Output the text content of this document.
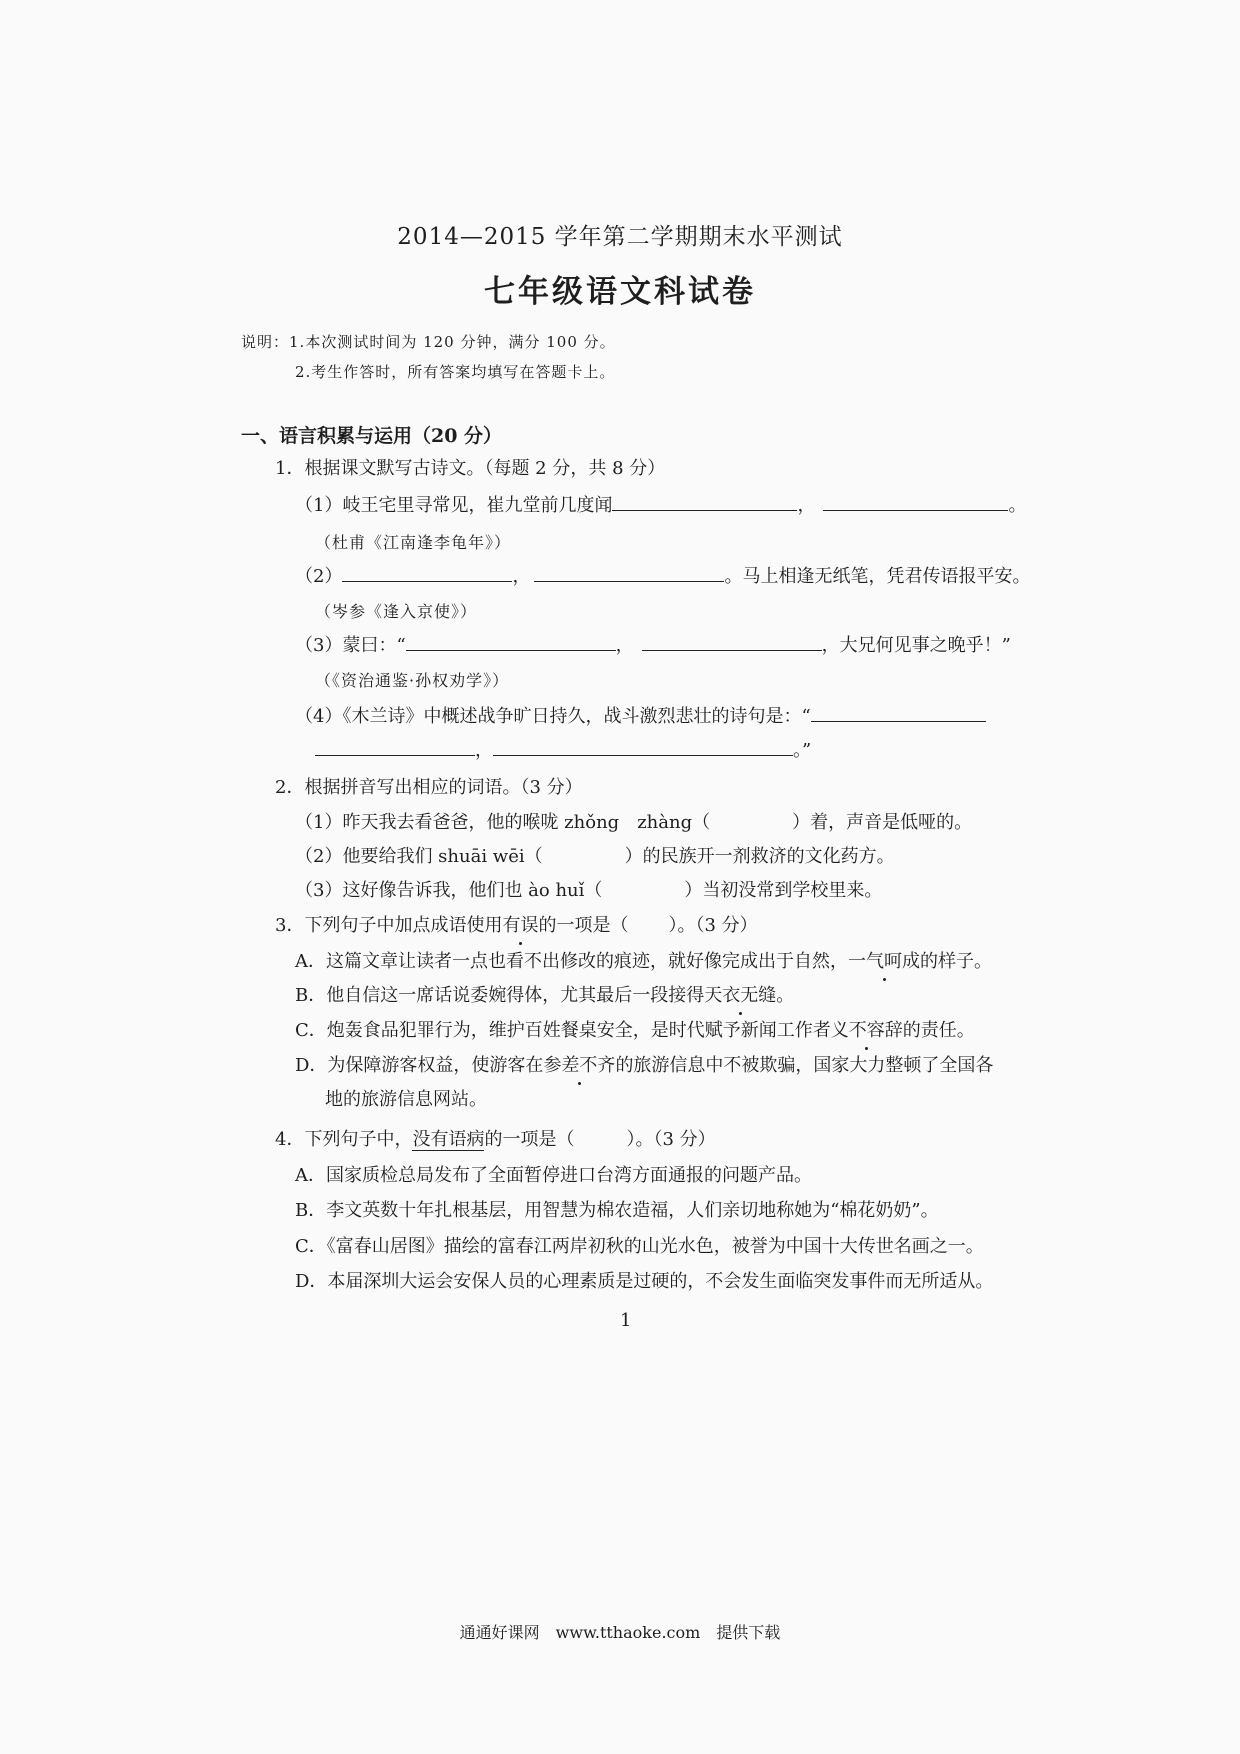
2014—2015 学年第二学期期末水平测试
七年级语文科试卷
说明：1.本次测试时间为 120 分钟，满分 100 分。
2.考生作答时，所有答案均填写在答题卡上。
一、语言积累与运用（20 分）
1．根据课文默写古诗文。（每题 2 分，共 8 分）
（1）岐王宅里寻常见，崔九堂前几度闻	，	。
（杜甫《江南逢李龟年》）
（2）	，	。马上相逢无纸笔，凭君传语报平安。
（岑参《逢入京使》）
（3）蒙曰：“	，	，大兄何见事之晚乎！”
（《资治通鉴·孙权劝学》）
（4）《木兰诗》中概述战争旷日持久，战斗激烈悲壮的诗句是：“
，	。”
2．根据拼音写出相应的词语。（3 分）
（1）昨天我去看爸爸，他的喉咙 zhǒng　zhàng（	）着，声音是低哑的。
（2）他要给我们 shuāi wēi（	）的民族开一剂救济的文化药方。
（3）这好像告诉我，他们也 ào huǐ（	）当初没常到学校里来。
3．下列句子中加点成语使用有误的一项是（ ）。（3 分）
A．这篇文章让读者一点也看不出修改的痕迹，就好像完成出于自然，一气呵成的样子。
B．他自信这一席话说委婉得体，尤其最后一段接得天衣无缝。
C．炮轰食品犯罪行为，维护百姓餐桌安全，是时代赋予新闻工作者义不容辞的责任。
D．为保障游客权益，使游客在参差不齐的旅游信息中不被欺骗，国家大力整顿了全国各
地的旅游信息网站。
4．下列句子中，没有语病的一项是（	）。（3 分）
A．国家质检总局发布了全面暂停进口台湾方面通报的问题产品。
B．李文英数十年扎根基层，用智慧为棉农造福，人们亲切地称她为“棉花奶奶”。
C．《富春山居图》描绘的富春江两岸初秋的山光水色，被誉为中国十大传世名画之一。
D．本届深圳大运会安保人员的心理素质是过硬的，不会发生面临突发事件而无所适从。
1
通通好课网　www.tthaoke.com　提供下载
